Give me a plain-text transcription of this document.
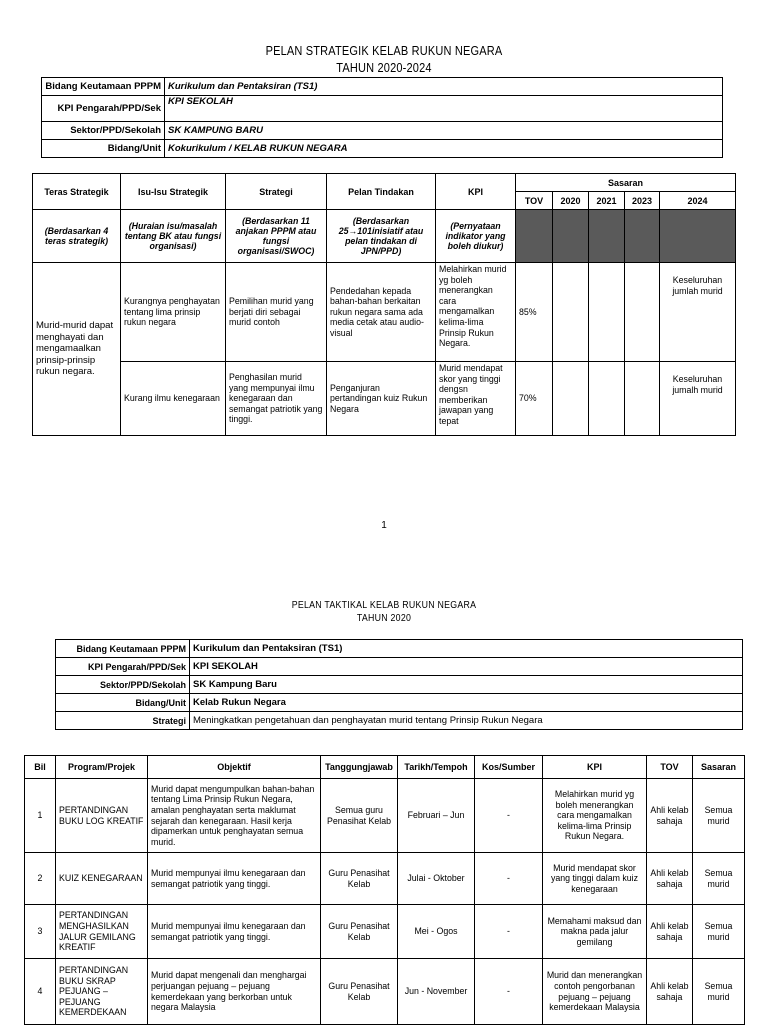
PELAN STRATEGIK KELAB RUKUN NEGARA
TAHUN 2020-2024
Bidang Keutamaan PPPM	Kurikulum dan Pentaksiran (TS1)
KPI Pengarah/PPD/Sek	KPI SEKOLAH
Sektor/PPD/Sekolah	SK KAMPUNG BARU
Bidang/Unit	Kokurikulum / KELAB RUKUN NEGARA
Teras Strategik	Isu-Isu Strategik	Strategi	Pelan Tindakan	KPI	Sasaran				
					TOV	2020	2021	2023	2024
(Berdasarkan 4 teras strategik)	(Huraian isu/masalah tentang BK atau fungsi organisasi)	(Berdasarkan 11 anjakan PPPM atau fungsi organisasi/SWOC)	(Berdasarkan 25→101inisiatif atau pelan tindakan di JPN/PPD)	(Pernyataan indikator yang boleh diukur)					
Murid-murid dapat menghayati dan mengamaalkan prinsip-prinsip rukun negara.	Kurangnya penghayatan tentang lima prinsip rukun negara	Pemilihan murid yang berjati diri sebagai murid contoh	Pendedahan kepada bahan-bahan berkaitan rukun negara sama ada media cetak atau audio-visual	Melahirkan murid yg boleh menerangkan cara mengamalkan kelima-lima Prinsip Rukun Negara.	85%				Keseluruhan jumlah murid
	Kurang ilmu kenegaraan	Penghasilan murid yang mempunyai ilmu kenegaraan dan semangat patriotik yang tinggi.	Penganjuran pertandingan kuiz Rukun Negara	Murid mendapat skor yang tinggi dengsn memberikan jawapan yang tepat	70%				Keseluruhan jumalh murid
1
PELAN TAKTIKAL KELAB RUKUN NEGARA
TAHUN 2020
Bidang Keutamaan PPPM	Kurikulum dan Pentaksiran (TS1)
KPI Pengarah/PPD/Sek	KPI SEKOLAH
Sektor/PPD/Sekolah	SK Kampung Baru
Bidang/Unit	Kelab Rukun Negara
Strategi	Meningkatkan pengetahuan dan penghayatan murid tentang Prinsip Rukun Negara
Bil	Program/Projek	Objektif	Tanggungjawab	Tarikh/Tempoh	Kos/Sumber	KPI	TOV	Sasaran
1	PERTANDINGAN BUKU LOG KREATIF	Murid dapat mengumpulkan bahan-bahan tentang Lima Prinsip Rukun Negara, amalan penghayatan serta maklumat sejarah dan kenegaraan. Hasil kerja dipamerkan untuk penghayatan semua murid.	Semua guru Penasihat Kelab	Februari – Jun	-	Melahirkan murid yg boleh menerangkan cara mengamalkan kelima-lima Prinsip Rukun Negara.	Ahli kelab sahaja	Semua murid
2	KUIZ KENEGARAAN	Murid mempunyai ilmu kenegaraan dan semangat patriotik yang tinggi.	Guru Penasihat Kelab	Julai - Oktober	-	Murid mendapat skor yang tinggi dalam kuiz kenegaraan	Ahli kelab sahaja	Semua murid
3	PERTANDINGAN MENGHASILKAN JALUR GEMILANG KREATIF	Murid mempunyai ilmu kenegaraan dan semangat patriotik yang tinggi.	Guru Penasihat Kelab	Mei - Ogos	-	Memahami maksud dan makna pada jalur gemilang	Ahli kelab sahaja	Semua murid
4	PERTANDINGAN BUKU SKRAP PEJUANG – PEJUANG KEMERDEKAAN	Murid dapat mengenali dan menghargai perjuangan pejuang – pejuang kemerdekaan yang berkorban untuk negara Malaysia	Guru Penasihat Kelab	Jun - November	-	Murid dan menerangkan contoh pengorbanan pejuang – pejuang kemerdekaan Malaysia	Ahli kelab sahaja	Semua murid
